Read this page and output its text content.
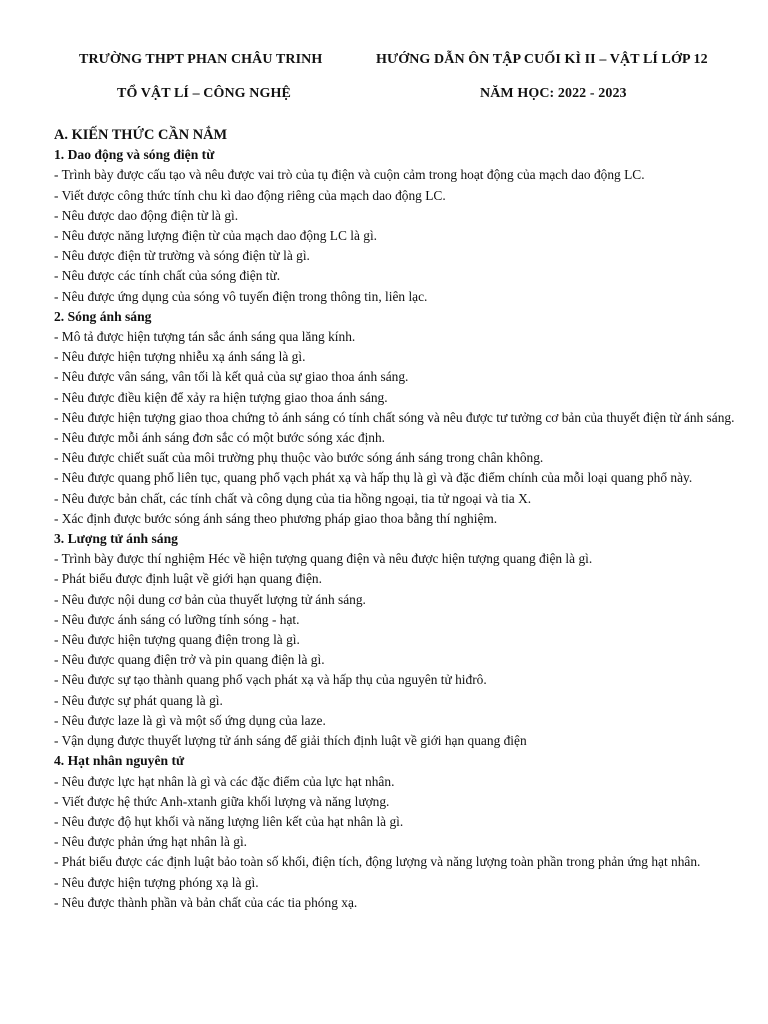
TRƯỜNG THPT PHAN CHÂU TRINH	HƯỚNG DẪN ÔN TẬP CUỐI KÌ II – VẬT LÍ LỚP 12
TỔ VẬT LÍ – CÔNG NGHỆ	NĂM HỌC: 2022 - 2023
A. KIẾN THỨC CẦN NẮM
1. Dao động và sóng điện từ
- Trình bày được cấu tạo và nêu được vai trò của tụ điện và cuộn cảm trong hoạt động của mạch dao động LC.
- Viết được công thức tính chu kì dao động riêng của mạch dao động LC.
- Nêu được dao động điện từ là gì.
- Nêu được năng lượng điện từ của mạch dao động LC là gì.
- Nêu được điện từ trường và sóng điện từ là gì.
- Nêu được các tính chất của sóng điện từ.
- Nêu được ứng dụng của sóng vô tuyến điện trong thông tin, liên lạc.
2. Sóng ánh sáng
- Mô tả được hiện tượng tán sắc ánh sáng qua lăng kính.
- Nêu được hiện tượng nhiễu xạ ánh sáng là gì.
- Nêu được vân sáng, vân tối là kết quả của sự giao thoa ánh sáng.
- Nêu được điều kiện để xảy ra hiện tượng giao thoa ánh sáng.
- Nêu được hiện tượng giao thoa chứng tỏ ánh sáng có tính chất sóng và nêu được tư tưởng cơ bản của thuyết điện từ ánh sáng.
- Nêu được mỗi ánh sáng đơn sắc có một bước sóng xác định.
- Nêu được chiết suất của môi trường phụ thuộc vào bước sóng ánh sáng trong chân không.
- Nêu được quang phổ liên tục, quang phổ vạch phát xạ và hấp thụ là gì và đặc điểm chính của mỗi loại quang phổ này.
- Nêu được bản chất, các tính chất và công dụng của tia hồng ngoại, tia tử ngoại và tia X.
- Xác định được bước sóng ánh sáng theo phương pháp giao thoa bằng thí nghiệm.
3. Lượng tử ánh sáng
- Trình bày được thí nghiệm Héc về hiện tượng quang điện và nêu được hiện tượng quang điện là gì.
- Phát biểu được định luật về giới hạn quang điện.
- Nêu được nội dung cơ bản của thuyết lượng tử ánh sáng.
- Nêu được ánh sáng có lưỡng tính sóng - hạt.
- Nêu được hiện tượng quang điện trong là gì.
- Nêu được quang điện trở và pin quang điện là gì.
- Nêu được sự tạo thành quang phổ vạch phát xạ và hấp thụ của nguyên tử hiđrô.
- Nêu được sự phát quang là gì.
- Nêu được laze là gì và một số ứng dụng của laze.
- Vận dụng được thuyết lượng tử ánh sáng để giải thích định luật về giới hạn quang điện
4. Hạt nhân nguyên tử
- Nêu được lực hạt nhân là gì và các đặc điểm của lực hạt nhân.
- Viết được hệ thức Anh-xtanh giữa khối lượng và năng lượng.
- Nêu được độ hụt khối và năng lượng liên kết của hạt nhân là gì.
- Nêu được phản ứng hạt nhân là gì.
- Phát biểu được các định luật bảo toàn số khối, điện tích, động lượng và năng lượng toàn phần trong phản ứng hạt nhân.
- Nêu được hiện tượng phóng xạ là gì.
- Nêu được thành phần và bản chất của các tia phóng xạ.
